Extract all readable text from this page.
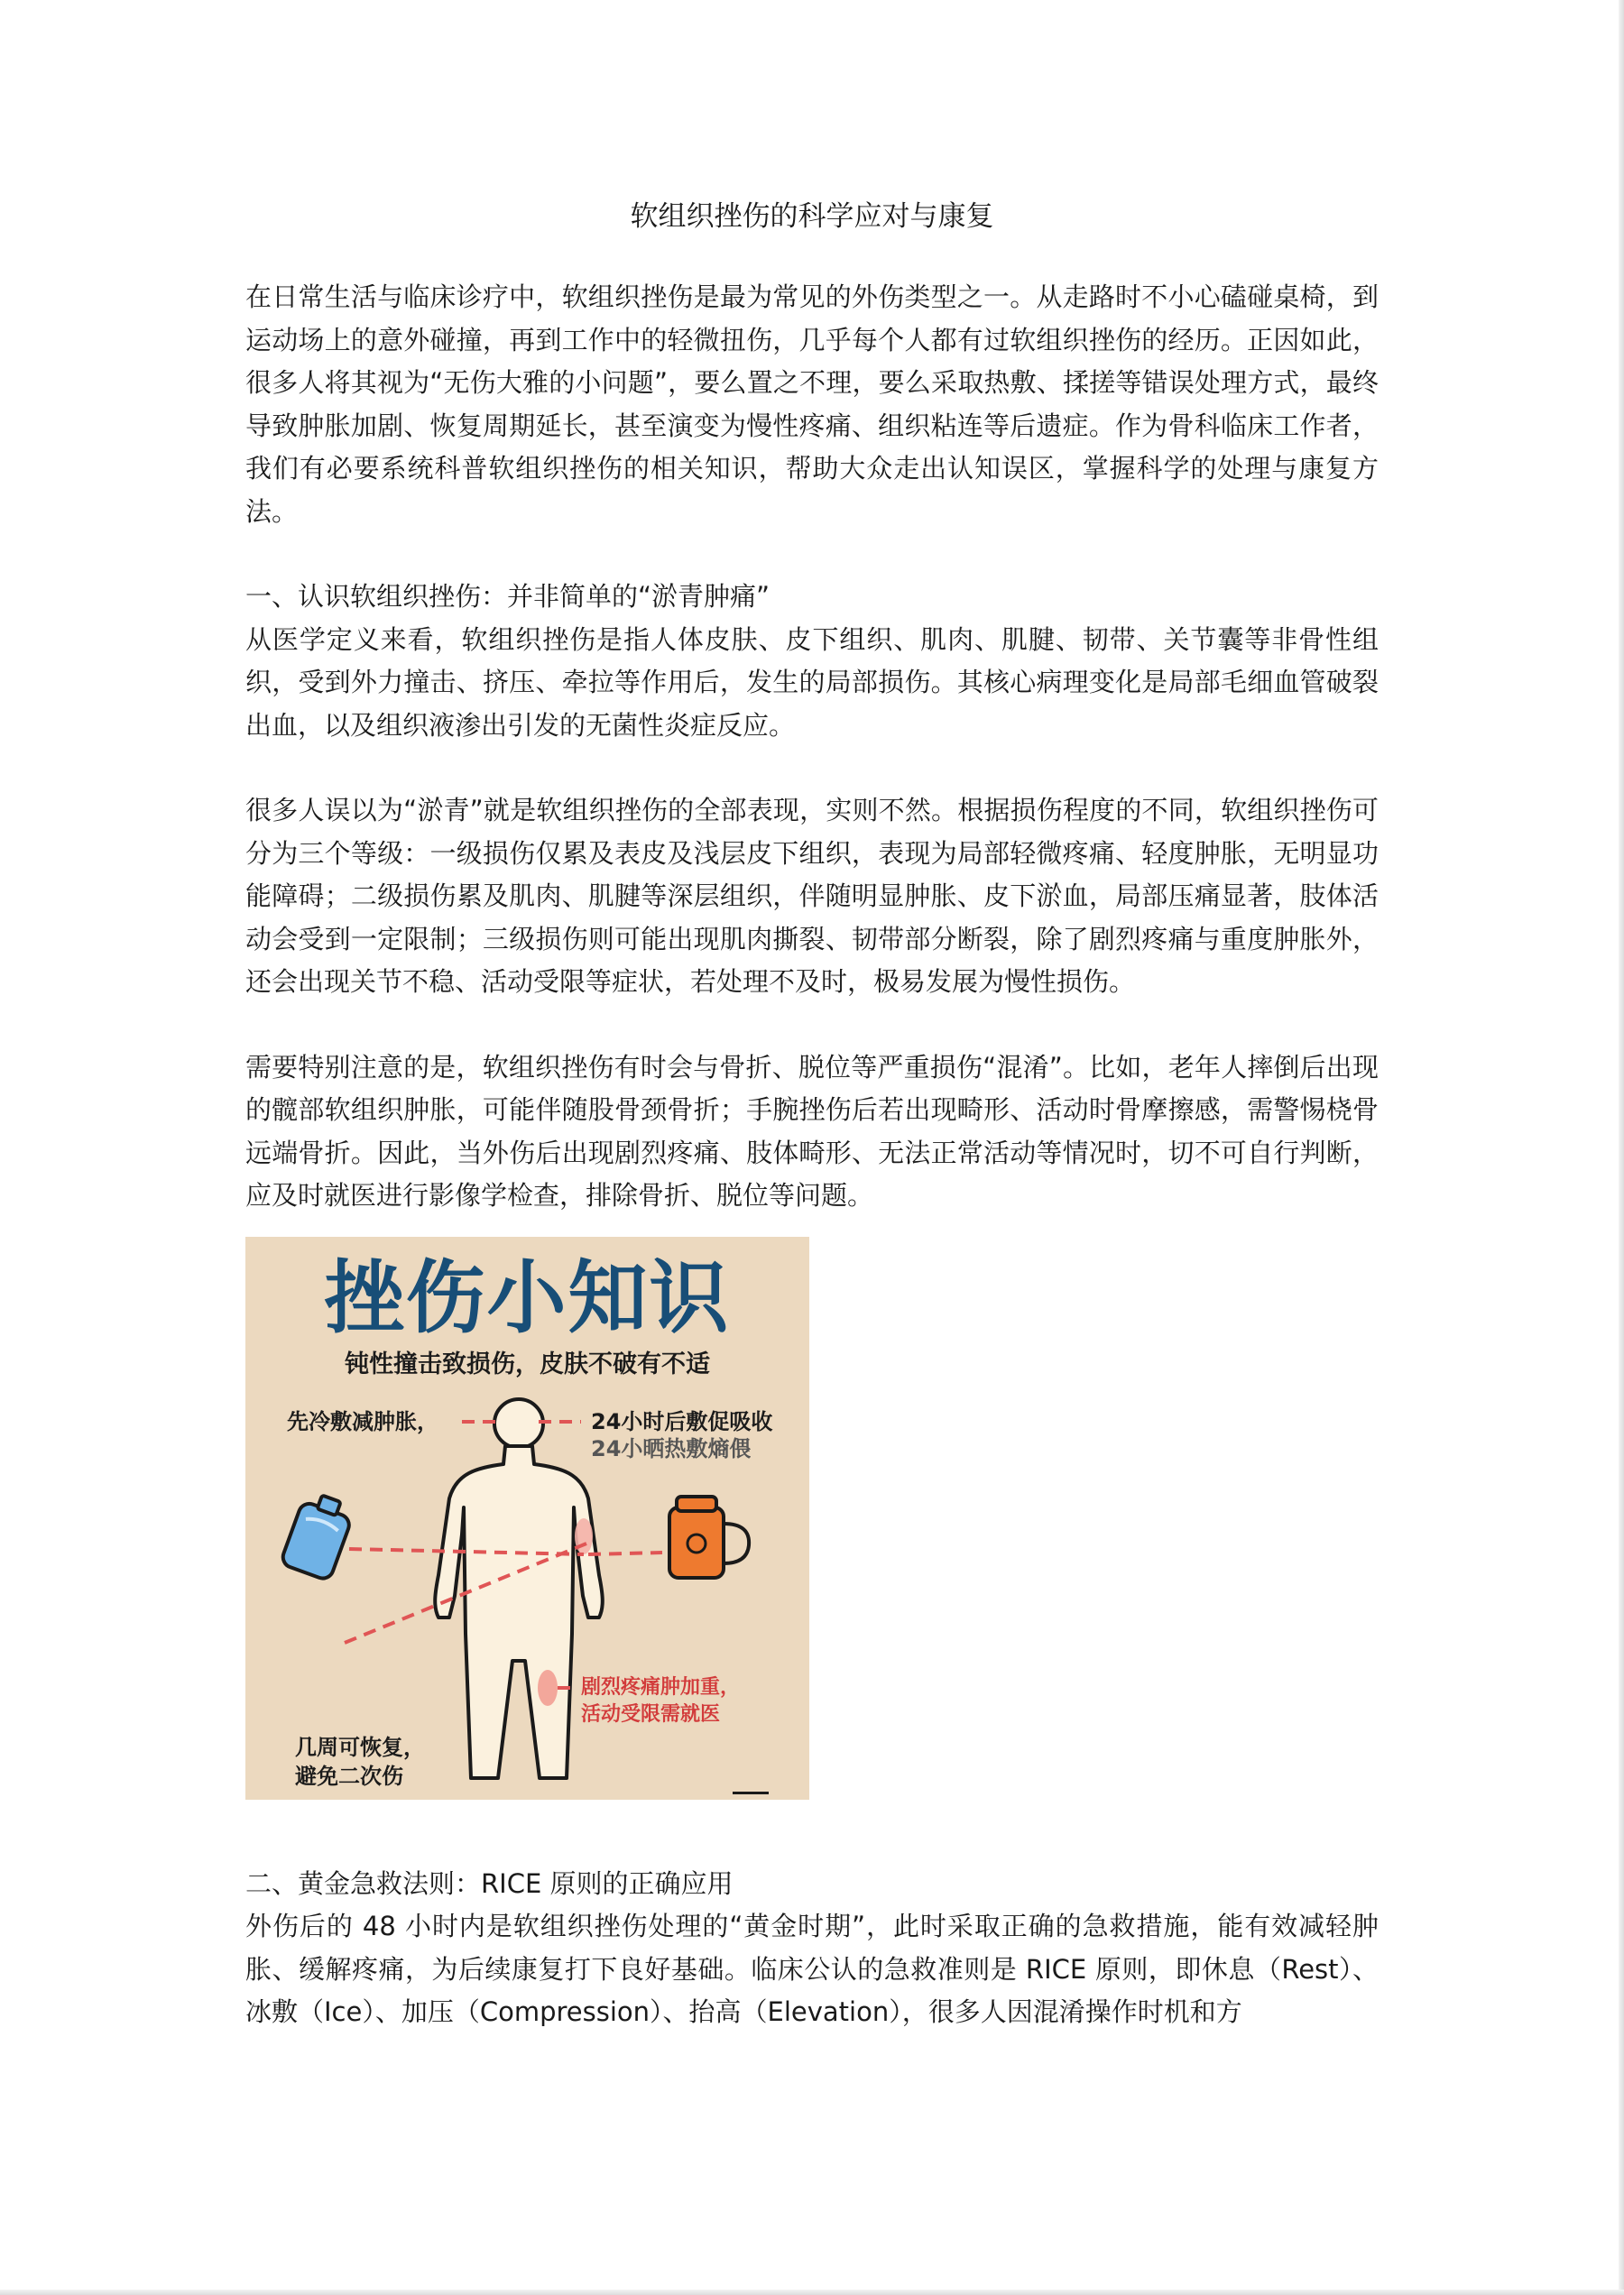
软组织挫伤的科学应对与康复

在日常生活与临床诊疗中，软组织挫伤是最为常见的外伤类型之一。从走路时不小心磕碰桌椅，到运动场上的意外碰撞，再到工作中的轻微扭伤，几乎每个人都有过软组织挫伤的经历。正因如此，很多人将其视为“无伤大雅的小问题”，要么置之不理，要么采取热敷、揉搓等错误处理方式，最终导致肿胀加剧、恢复周期延长，甚至演变为慢性疼痛、组织粘连等后遗症。作为骨科临床工作者，我们有必要系统科普软组织挫伤的相关知识，帮助大众走出认知误区，掌握科学的处理与康复方法。

一、认识软组织挫伤：并非简单的“淤青肿痛”

从医学定义来看，软组织挫伤是指人体皮肤、皮下组织、肌肉、肌腱、韧带、关节囊等非骨性组织，受到外力撞击、挤压、牵拉等作用后，发生的局部损伤。其核心病理变化是局部毛细血管破裂出血，以及组织液渗出引发的无菌性炎症反应。

很多人误以为“淤青”就是软组织挫伤的全部表现，实则不然。根据损伤程度的不同，软组织挫伤可分为三个等级：一级损伤仅累及表皮及浅层皮下组织，表现为局部轻微疼痛、轻度肿胀，无明显功能障碍；二级损伤累及肌肉、肌腱等深层组织，伴随明显肿胀、皮下淤血，局部压痛显著，肢体活动会受到一定限制；三级损伤则可能出现肌肉撕裂、韧带部分断裂，除了剧烈疼痛与重度肿胀外，还会出现关节不稳、活动受限等症状，若处理不及时，极易发展为慢性损伤。

需要特别注意的是，软组织挫伤有时会与骨折、脱位等严重损伤“混淆”。比如，老年人摔倒后出现的髋部软组织肿胀，可能伴随股骨颈骨折；手腕挫伤后若出现畸形、活动时骨摩擦感，需警惕桡骨远端骨折。因此，当外伤后出现剧烈疼痛、肢体畸形、无法正常活动等情况时，切不可自行判断，应及时就医进行影像学检查，排除骨折、脱位等问题。

挫伤小知识
钝性撞击致损伤，皮肤不破有不适
先冷敷减肿胀，	24小时后敷促吸收
24小晒热敷熵偎
剧烈疼痛肿加重，
活动受限需就医
几周可恢复，
避免二次伤

二、黄金急救法则：RICE 原则的正确应用

外伤后的 48 小时内是软组织挫伤处理的“黄金时期”，此时采取正确的急救措施，能有效减轻肿胀、缓解疼痛，为后续康复打下良好基础。临床公认的急救准则是 RICE 原则，即休息（Rest）、冰敷（Ice）、加压（Compression）、抬高（Elevation），很多人因混淆操作时机和方
